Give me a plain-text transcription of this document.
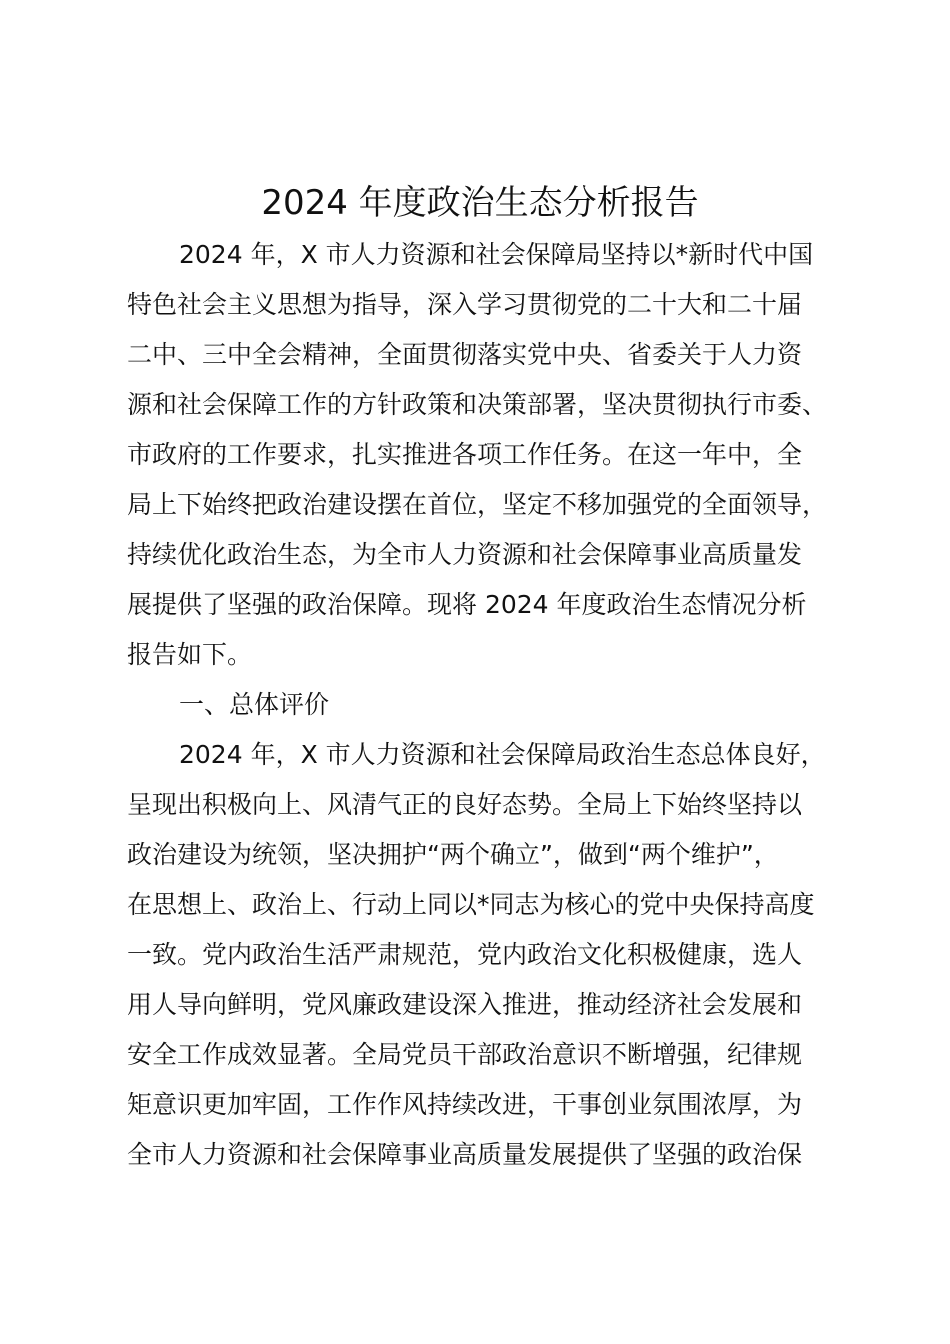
2024 年度政治生态分析报告

2024 年，X 市人力资源和社会保障局坚持以*新时代中国

特色社会主义思想为指导，深入学习贯彻党的二十大和二十届

二中、三中全会精神，全面贯彻落实党中央、省委关于人力资

源和社会保障工作的方针政策和决策部署，坚决贯彻执行市委、

市政府的工作要求，扎实推进各项工作任务。在这一年中，全

局上下始终把政治建设摆在首位，坚定不移加强党的全面领导，

持续优化政治生态，为全市人力资源和社会保障事业高质量发

展提供了坚强的政治保障。现将 2024 年度政治生态情况分析

报告如下。

一、总体评价

2024 年，X 市人力资源和社会保障局政治生态总体良好，

呈现出积极向上、风清气正的良好态势。全局上下始终坚持以

政治建设为统领，坚决拥护“两个确立”，做到“两个维护”，

在思想上、政治上、行动上同以*同志为核心的党中央保持高度

一致。党内政治生活严肃规范，党内政治文化积极健康，选人

用人导向鲜明，党风廉政建设深入推进，推动经济社会发展和

安全工作成效显著。全局党员干部政治意识不断增强，纪律规

矩意识更加牢固，工作作风持续改进，干事创业氛围浓厚，为

全市人力资源和社会保障事业高质量发展提供了坚强的政治保
